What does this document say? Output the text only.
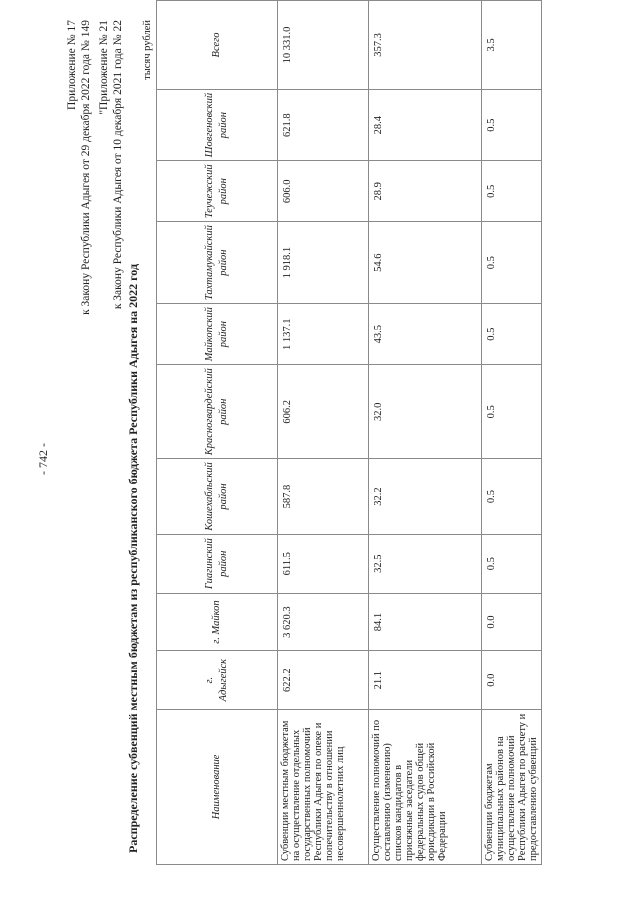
- 742 -
Приложение № 17 к Закону Республики Адыгея от 29 декабря 2022 года № 149 "Приложение № 21 к Закону Республики Адыгея от 10 декабря 2021 года № 22
Распределение субвенций местным бюджетам из республиканского бюджета Республики Адыгея на 2022 год
тысяч рублей
Наименование	г. Адыгейск	г. Майкоп	Гиагинский район	Кошехабльский район	Красногвардейский район	Майкопский район	Тахтамукайский район	Теучежский район	Шовгеновский район	Всего
Субвенции местным бюджетам на осуществление отдельных государственных полномочий Республики Адыгея по опеке и попечительству в отношении несовершеннолетних лиц	622.2	3 620.3	611.5	587.8	606.2	1 137.1	1 918.1	606.0	621.8	10 331.0
Осуществление полномочий по составлению (изменению) списков кандидатов в присяжные заседатели федеральных судов общей юрисдикции в Российской Федерации	21.1	84.1	32.5	32.2	32.0	43.5	54.6	28.9	28.4	357.3
Субвенции бюджетам муниципальных районов на осуществление полномочий Республики Адыгея по расчету и предоставлению субвенций	0.0	0.0	0.5	0.5	0.5	0.5	0.5	0.5	0.5	3.5
